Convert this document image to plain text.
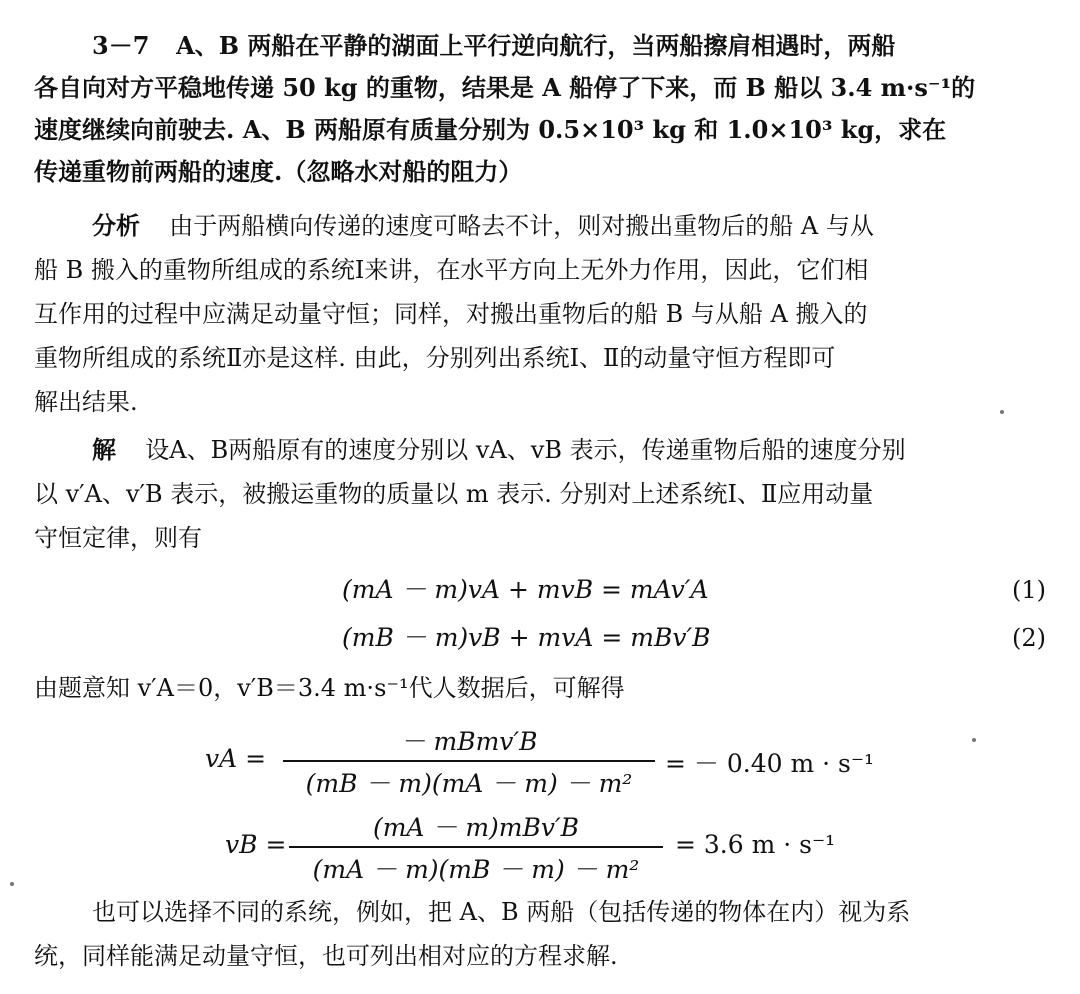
3－7 A、B 两船在平静的湖面上平行逆向航行，当两船擦肩相遇时，两船
各自向对方平稳地传递 50 kg 的重物，结果是 A 船停了下来，而 B 船以 3.4 m·s⁻¹的
速度继续向前驶去. A、B 两船原有质量分别为 0.5×10³ kg 和 1.0×10³ kg，求在
传递重物前两船的速度.（忽略水对船的阻力）
分析 由于两船横向传递的速度可略去不计，则对搬出重物后的船 A 与从
船 B 搬入的重物所组成的系统Ⅰ来讲，在水平方向上无外力作用，因此，它们相
互作用的过程中应满足动量守恒；同样，对搬出重物后的船 B 与从船 A 搬入的
重物所组成的系统Ⅱ亦是这样. 由此，分别列出系统Ⅰ、Ⅱ的动量守恒方程即可
解出结果.
解 设A、B两船原有的速度分别以 vA、vB 表示，传递重物后船的速度分别
以 v′A、v′B 表示，被搬运重物的质量以 m 表示. 分别对上述系统Ⅰ、Ⅱ应用动量
守恒定律，则有
(mA － m)vA + mvB = mAv′A	(1)
(mB － m)vB + mvA = mBv′B	(2)
由题意知 v′A＝0，v′B＝3.4 m·s⁻¹代人数据后，可解得
vA =
－ mBmv′B
(mB － m)(mA － m) － m²
= － 0.40 m · s⁻¹
vB =
(mA － m)mBv′B
(mA － m)(mB － m) － m²
= 3.6 m · s⁻¹
也可以选择不同的系统，例如，把 A、B 两船（包括传递的物体在内）视为系
统，同样能满足动量守恒，也可列出相对应的方程求解.
